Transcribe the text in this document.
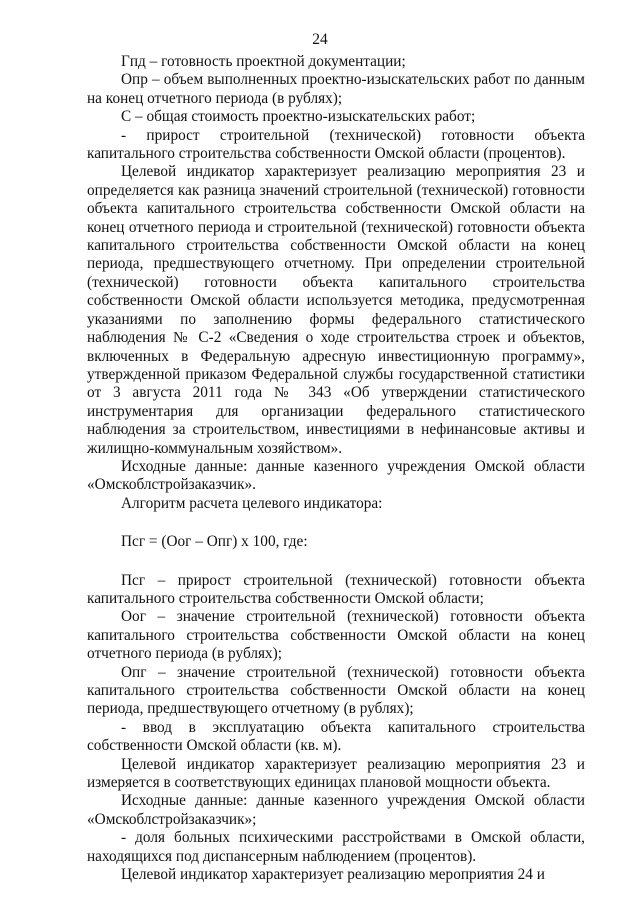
24

Гпд – готовность проектной документации;

Опр – объем выполненных проектно-изыскательских работ по данным на конец отчетного периода (в рублях);

С – общая стоимость проектно-изыскательских работ;

- прирост строительной (технической) готовности объекта капитального строительства собственности Омской области (процентов).

Целевой индикатор характеризует реализацию мероприятия 23 и определяется как разница значений строительной (технической) готовности объекта капитального строительства собственности Омской области на конец отчетного периода и строительной (технической) готовности объекта капитального строительства собственности Омской области на конец периода, предшествующего отчетному. При определении строительной (технической) готовности объекта капитального строительства собственности Омской области используется методика, предусмотренная указаниями по заполнению формы федерального статистического наблюдения № С-2 «Сведения о ходе строительства строек и объектов, включенных в Федеральную адресную инвестиционную программу», утвержденной приказом Федеральной службы государственной статистики от 3 августа 2011 года № 343 «Об утверждении статистического инструментария для организации федерального статистического наблюдения за строительством, инвестициями в нефинансовые активы и жилищно-коммунальным хозяйством».

Исходные данные: данные казенного учреждения Омской области «Омскоблстройзаказчик».

Алгоритм расчета целевого индикатора:

Псг = (Оог – Опг) х 100, где:

Псг – прирост строительной (технической) готовности объекта капитального строительства собственности Омской области;

Оог – значение строительной (технической) готовности объекта капитального строительства собственности Омской области на конец отчетного периода (в рублях);

Опг – значение строительной (технической) готовности объекта капитального строительства собственности Омской области на конец периода, предшествующего отчетному (в рублях);

- ввод в эксплуатацию объекта капитального строительства собственности Омской области (кв. м).

Целевой индикатор характеризует реализацию мероприятия 23 и измеряется в соответствующих единицах плановой мощности объекта.

Исходные данные: данные казенного учреждения Омской области «Омскоблстройзаказчик»;

- доля больных психическими расстройствами в Омской области, находящихся под диспансерным наблюдением (процентов).

Целевой индикатор характеризует реализацию мероприятия 24 и
